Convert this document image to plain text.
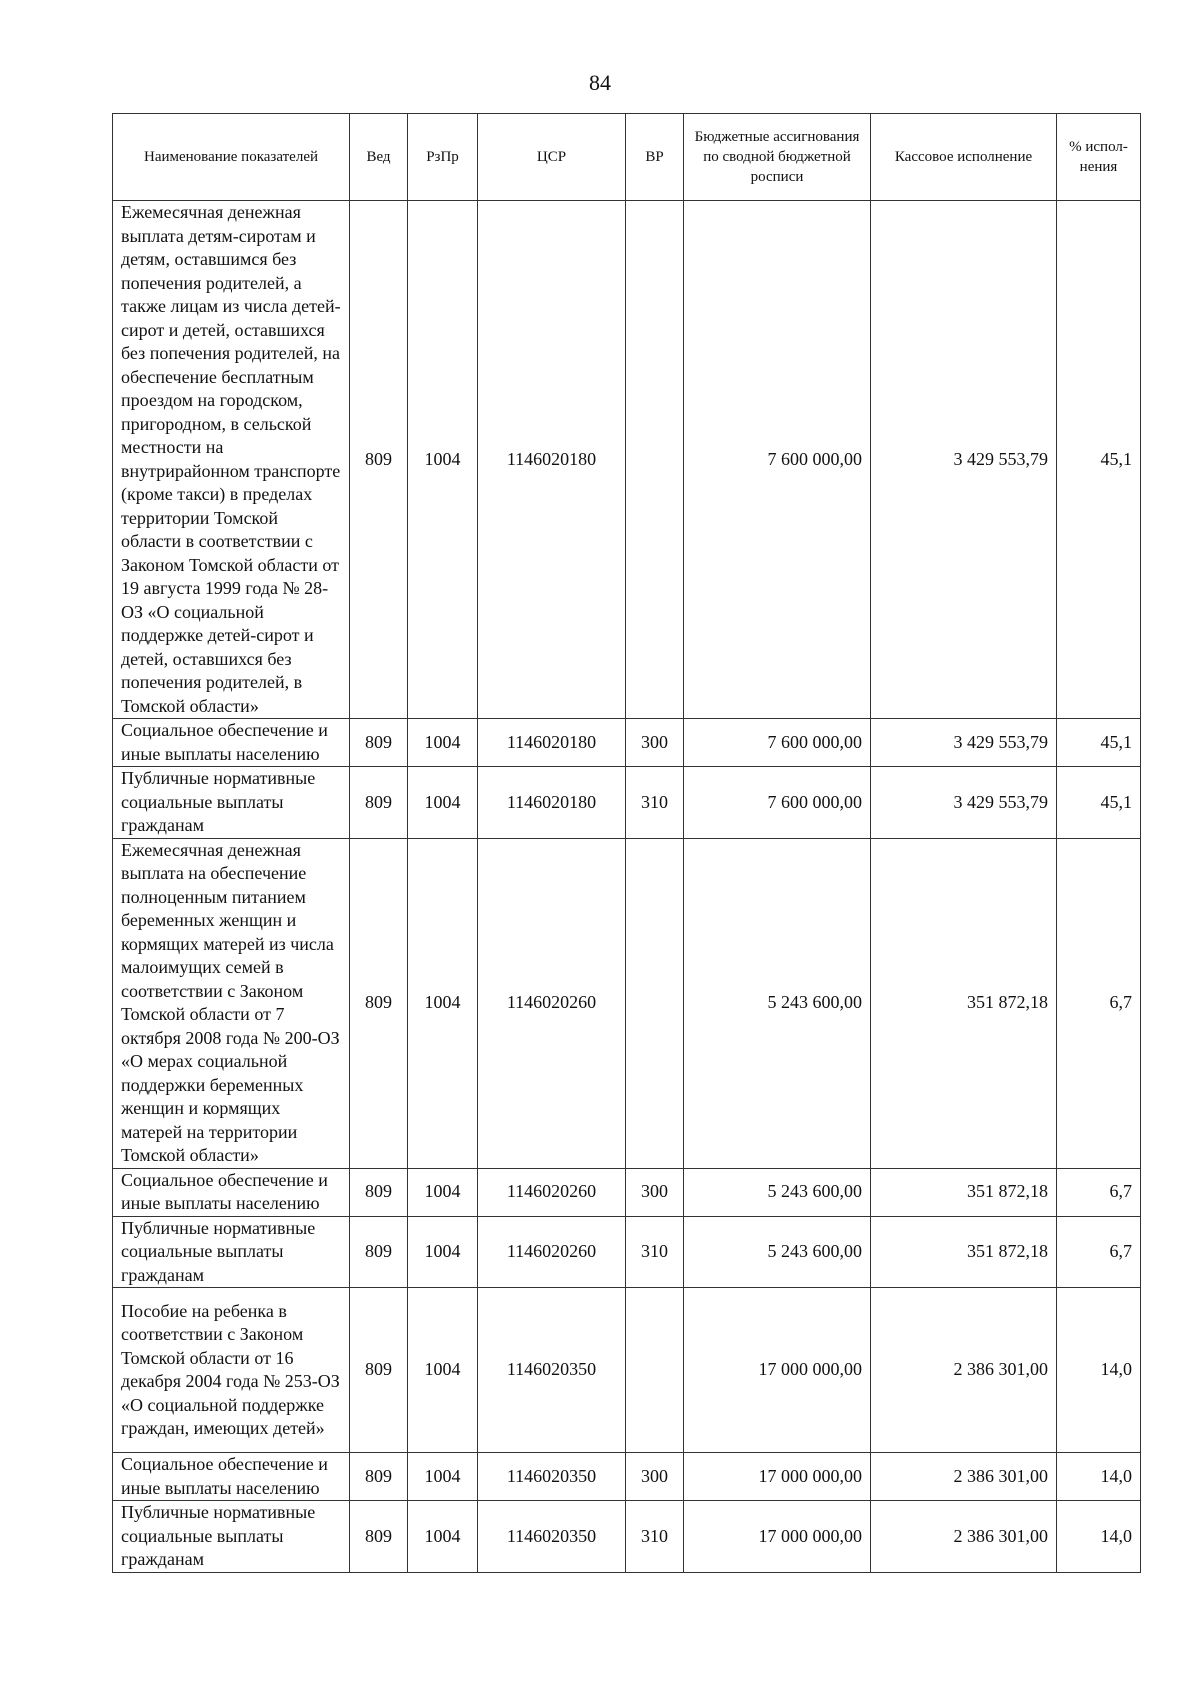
84
Наименование показателей	Вед	РзПр	ЦСР	ВР	Бюджетные ассигнования по сводной бюджетной росписи	Кассовое исполнение	% испол-нения
Ежемесячная денежная выплата детям-сиротам и детям, оставшимся без попечения родителей, а также лицам из числа детей-сирот и детей, оставшихся без попечения родителей, на обеспечение бесплатным проездом на городском, пригородном, в сельской местности на внутрирайонном транспорте (кроме такси) в пределах территории Томской области в соответствии с Законом Томской области от 19 августа 1999 года № 28-ОЗ «О социальной поддержке детей-сирот и детей, оставшихся без попечения родителей, в Томской области»	809	1004	1146020180		7 600 000,00	3 429 553,79	45,1
Социальное обеспечение и иные выплаты населению	809	1004	1146020180	300	7 600 000,00	3 429 553,79	45,1
Публичные нормативные социальные выплаты гражданам	809	1004	1146020180	310	7 600 000,00	3 429 553,79	45,1
Ежемесячная денежная выплата на обеспечение полноценным питанием беременных женщин и кормящих матерей из числа малоимущих семей в соответствии с Законом Томской области от 7 октября 2008 года № 200-ОЗ «О мерах социальной поддержки беременных женщин и кормящих матерей на территории Томской области»	809	1004	1146020260		5 243 600,00	351 872,18	6,7
Социальное обеспечение и иные выплаты населению	809	1004	1146020260	300	5 243 600,00	351 872,18	6,7
Публичные нормативные социальные выплаты гражданам	809	1004	1146020260	310	5 243 600,00	351 872,18	6,7
Пособие на ребенка в соответствии с Законом Томской области от 16 декабря 2004 года № 253-ОЗ «О социальной поддержке граждан, имеющих детей»	809	1004	1146020350		17 000 000,00	2 386 301,00	14,0
Социальное обеспечение и иные выплаты населению	809	1004	1146020350	300	17 000 000,00	2 386 301,00	14,0
Публичные нормативные социальные выплаты гражданам	809	1004	1146020350	310	17 000 000,00	2 386 301,00	14,0
